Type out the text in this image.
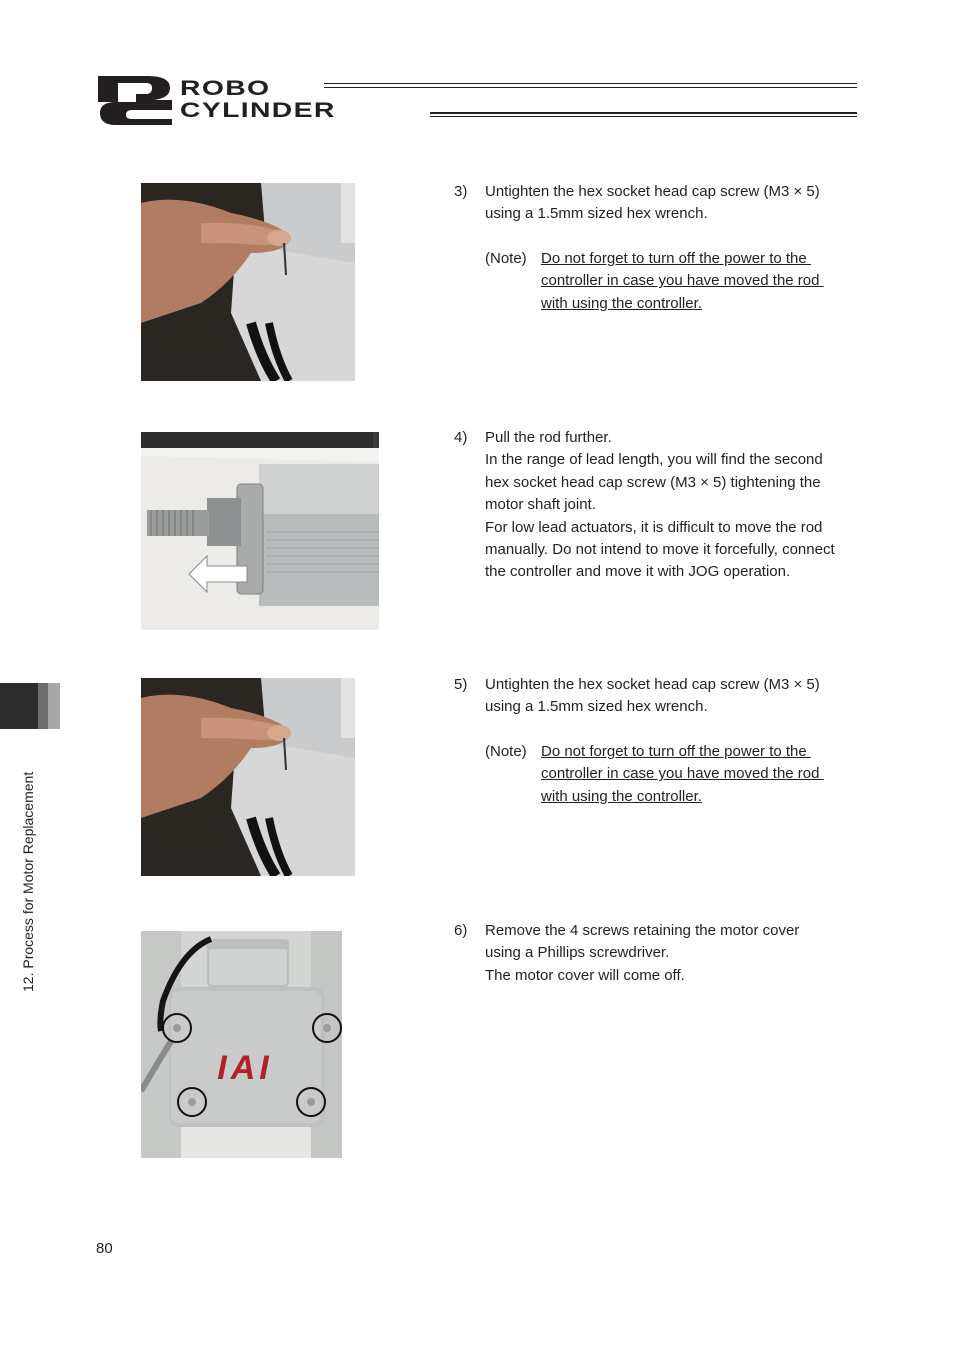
ROBO
CYLINDER
12. Process for Motor Replacement
3)	Untighten the hex socket head cap screw (M3 × 5)
using a 1.5mm sized hex wrench.
(Note) Do not forget to turn off the power to the
controller in case you have moved the rod
with using the controller.
4)	Pull the rod further.
In the range of lead length, you will find the second
hex socket head cap screw (M3 × 5) tightening the
motor shaft joint.
For low lead actuators, it is difficult to move the rod
manually. Do not intend to move it forcefully, connect
the controller and move it with JOG operation.
5)	Untighten the hex socket head cap screw (M3 × 5)
using a 1.5mm sized hex wrench.
(Note) Do not forget to turn off the power to the
controller in case you have moved the rod
with using the controller.
IAI
6)	Remove the 4 screws retaining the motor cover
using a Phillips screwdriver.
The motor cover will come off.
80
